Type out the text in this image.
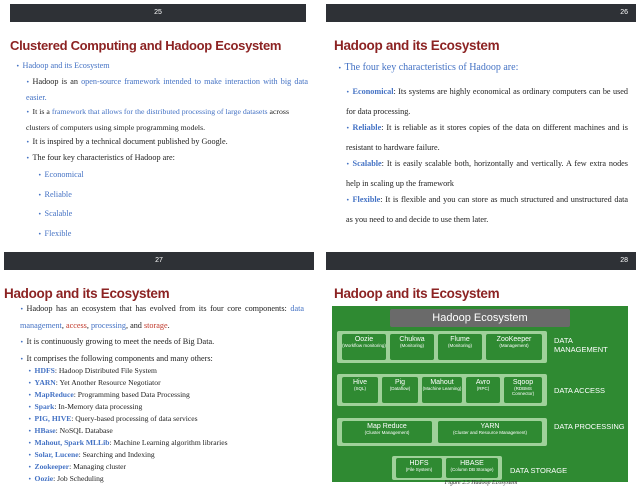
25
Clustered Computing and Hadoop Ecosystem
• Hadoop and its Ecosystem
• Hadoop is an open-source framework intended to make interaction with big data easier.
• It is a framework that allows for the distributed processing of large datasets across clusters of computers using simple programming models.
• It is inspired by a technical document published by Google.
• The four key characteristics of Hadoop are:
• Economical
• Reliable
• Scalable
• Flexible
26
Hadoop and its Ecosystem
• The four key characteristics of Hadoop are:
• Economical: Its systems are highly economical as ordinary computers can be used for data processing.
• Reliable: It is reliable as it stores copies of the data on different machines and is resistant to hardware failure.
• Scalable: It is easily scalable both, horizontally and vertically. A few extra nodes help in scaling up the framework
• Flexible: It is flexible and you can store as much structured and unstructured data as you need to and decide to use them later.
27
Hadoop and its Ecosystem
• Hadoop has an ecosystem that has evolved from its four core components: data management, access, processing, and storage.
• It is continuously growing to meet the needs of Big Data.
• It comprises the following components and many others:
• HDFS: Hadoop Distributed File System
• YARN: Yet Another Resource Negotiator
• MapReduce: Programming based Data Processing
• Spark: In-Memory data processing
• PIG, HIVE: Query-based processing of data services
• HBase: NoSQL Database
• Mahout, Spark MLLib: Machine Learning algorithm libraries
• Solar, Lucene: Searching and Indexing
• Zookeeper: Managing cluster
• Oozie: Job Scheduling
28
Hadoop and its Ecosystem
Hadoop Ecosystem
Oozie
(Workflow monitoring)
Chukwa
(Monitoring)
Flume
(Monitoring)
ZooKeeper
(Management)
DATA MANAGEMENT
Hive
(SQL)
Pig
(Dataflow)
Mahout
(Machine Learning)
Avro
(RPC)
Sqoop
(RDBMS Connector)	DATA ACCESS
Map Reduce
(Cluster Management)
YARN
(Cluster and Resource Management)
DATA PROCESSING
HDFS
(File System)
HBASE
(Column DB Storage)	DATA STORAGE
Figure 2.5 Hadoop Ecosystem
